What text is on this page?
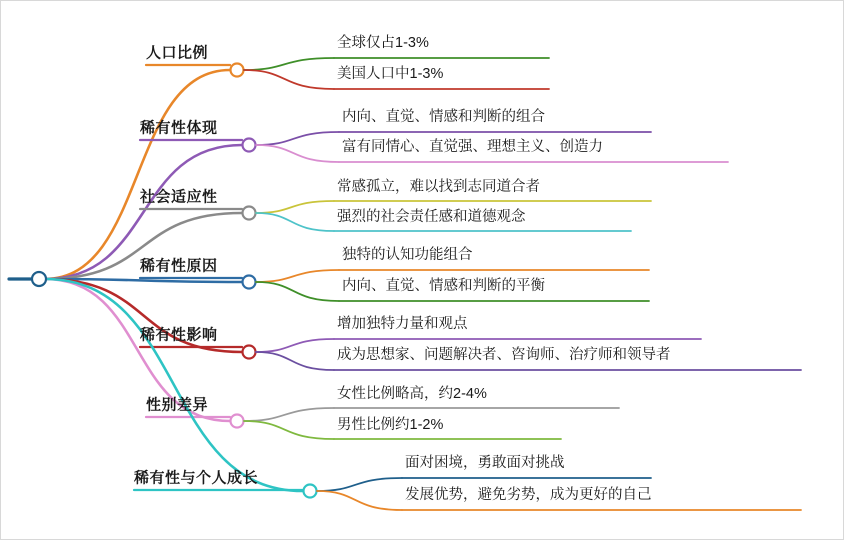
人口比例
全球仅占1-3%
美国人口中1-3%
稀有性体现
内向、直觉、情感和判断的组合
富有同情心、直觉强、理想主义、创造力
社会适应性
常感孤立，难以找到志同道合者
强烈的社会责任感和道德观念
稀有性原因
独特的认知功能组合
内向、直觉、情感和判断的平衡
稀有性影响
增加独特力量和观点
成为思想家、问题解决者、咨询师、治疗师和领导者
性别差异
女性比例略高，约2-4%
男性比例约1-2%
稀有性与个人成长
面对困境，勇敢面对挑战
发展优势，避免劣势，成为更好的自己
